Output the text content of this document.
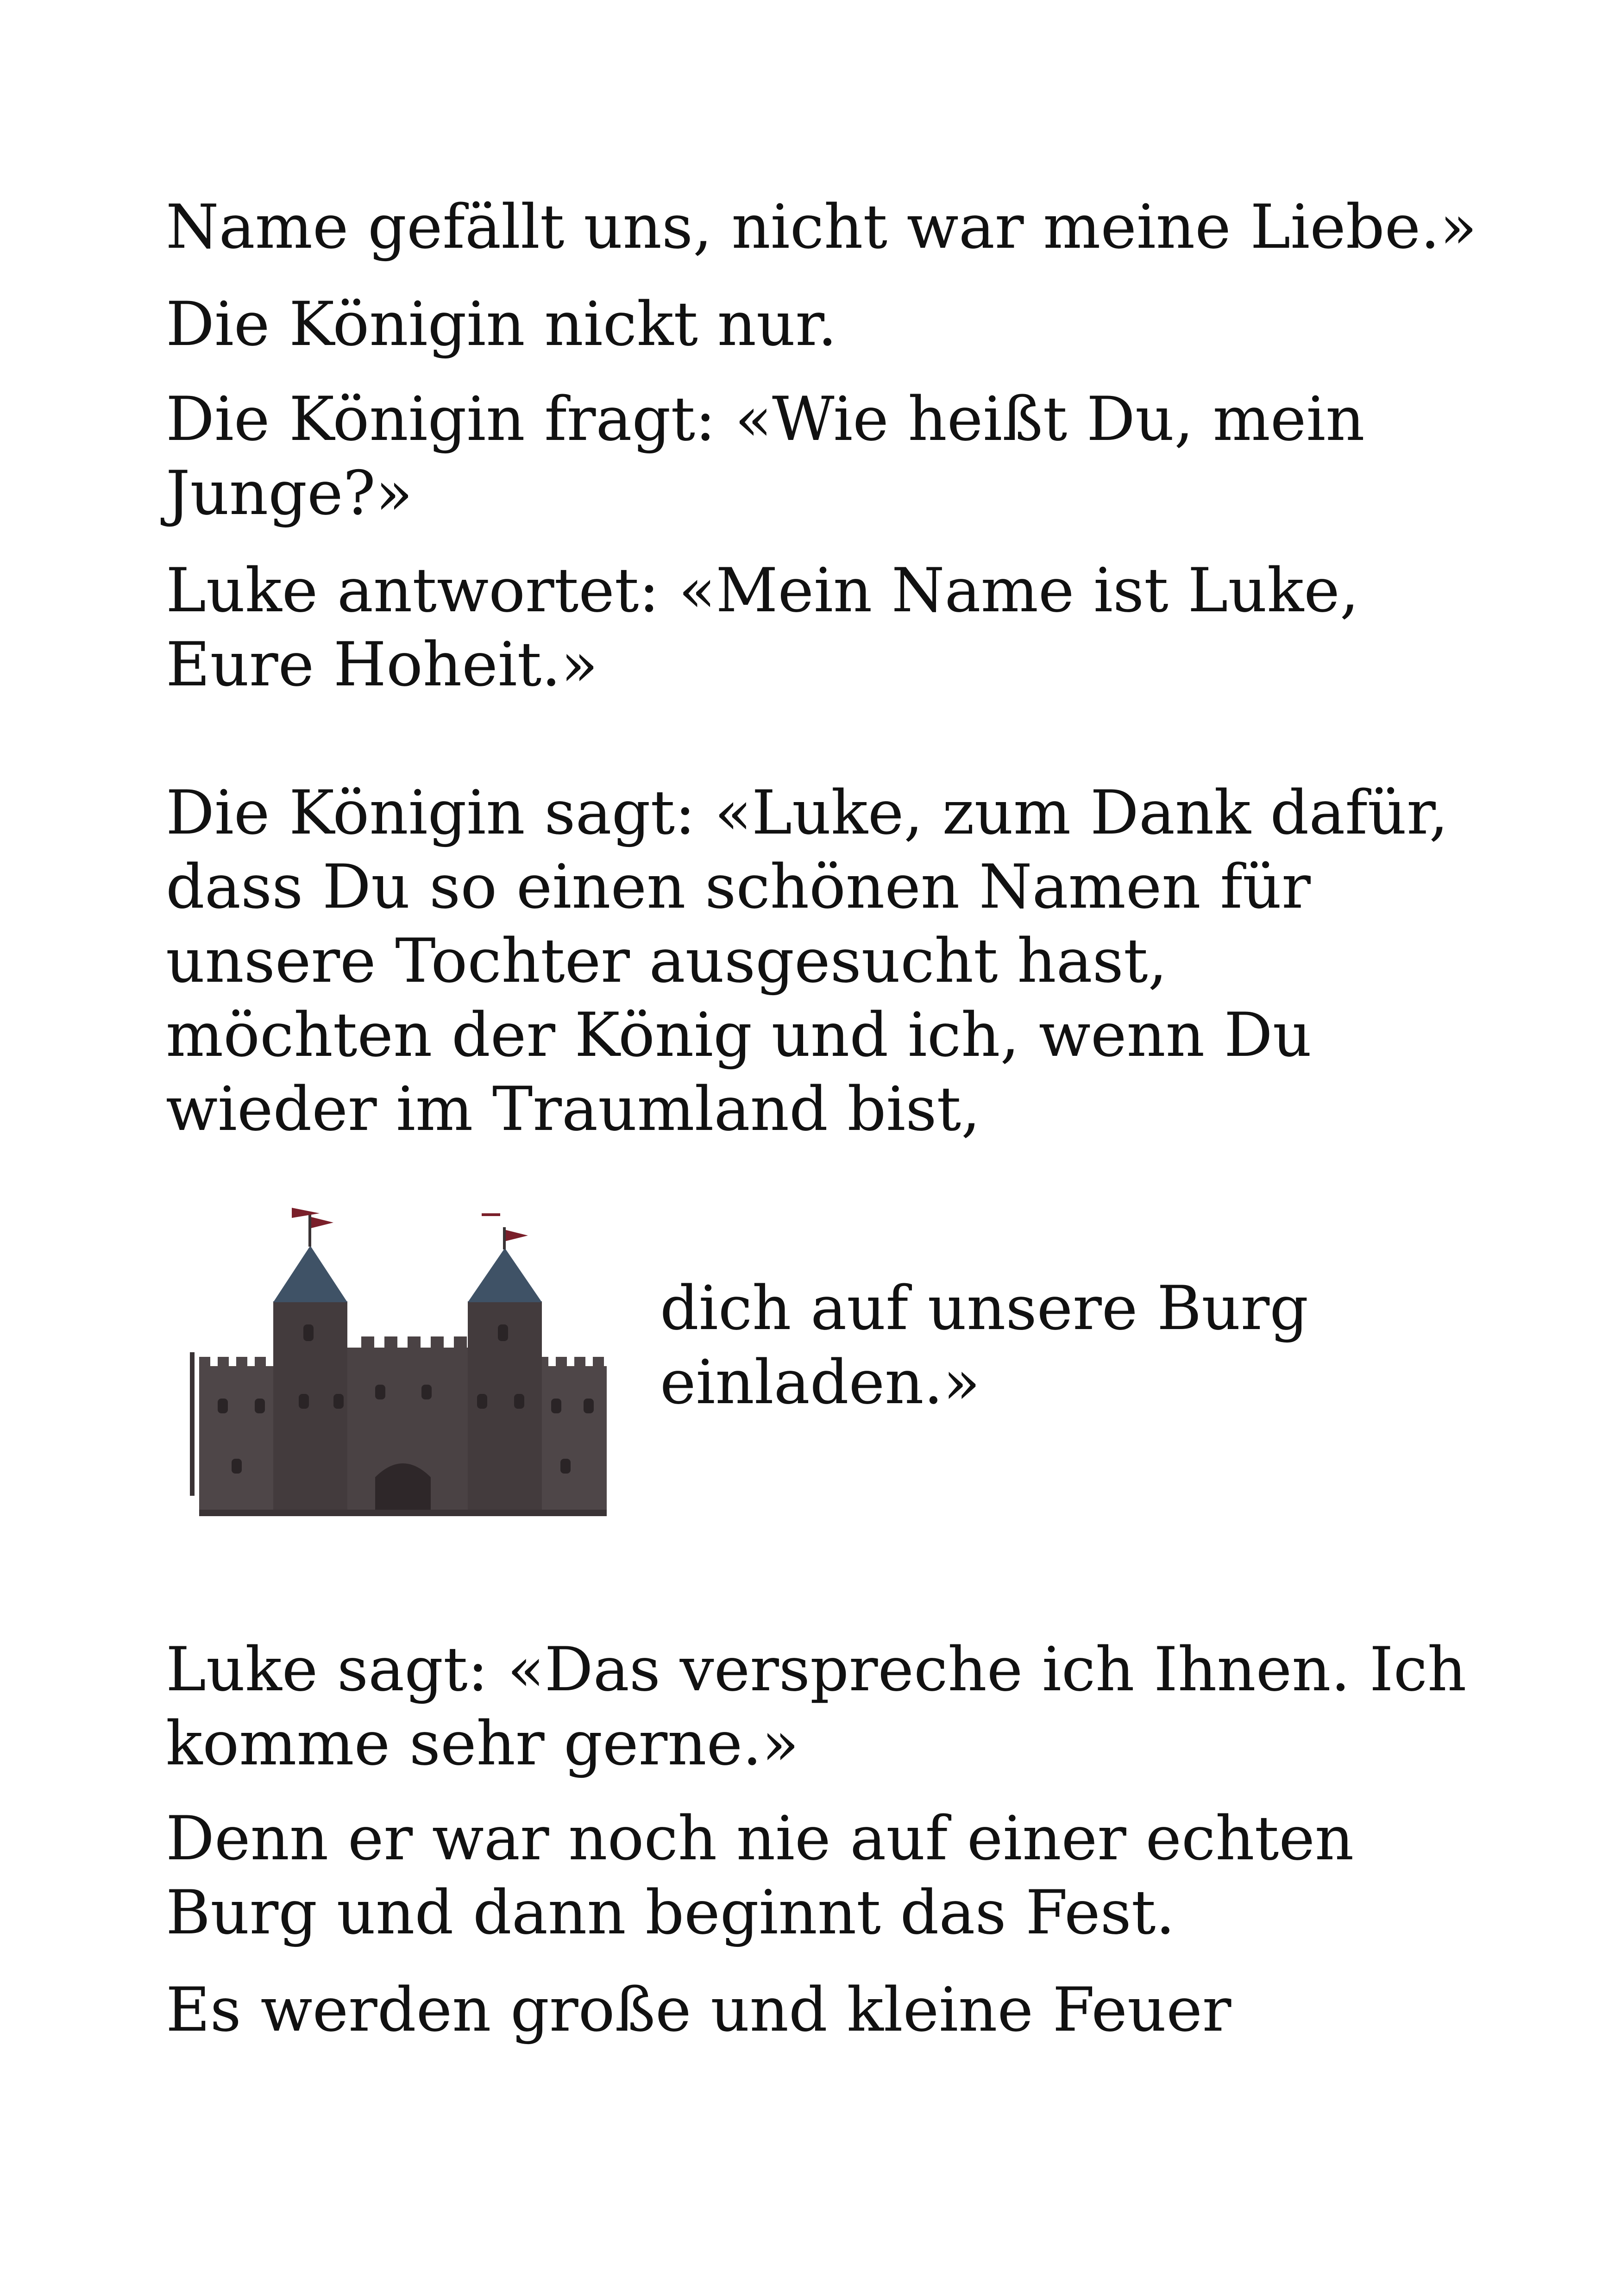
Name gefällt uns, nicht war meine Liebe.»

Die Königin nickt nur.

Die Königin fragt: «Wie heißt Du, mein
Junge?»

Luke antwortet: «Mein Name ist Luke,
Eure Hoheit.»

Die Königin sagt: «Luke, zum Dank dafür,
dass Du so einen schönen Namen für
unsere Tochter ausgesucht hast,
möchten der König und ich, wenn Du
wieder im Traumland bist,

dich auf unsere Burg
einladen.»

Luke sagt: «Das verspreche ich Ihnen. Ich
komme sehr gerne.»

Denn er war noch nie auf einer echten
Burg und dann beginnt das Fest.

Es werden große und kleine Feuer
